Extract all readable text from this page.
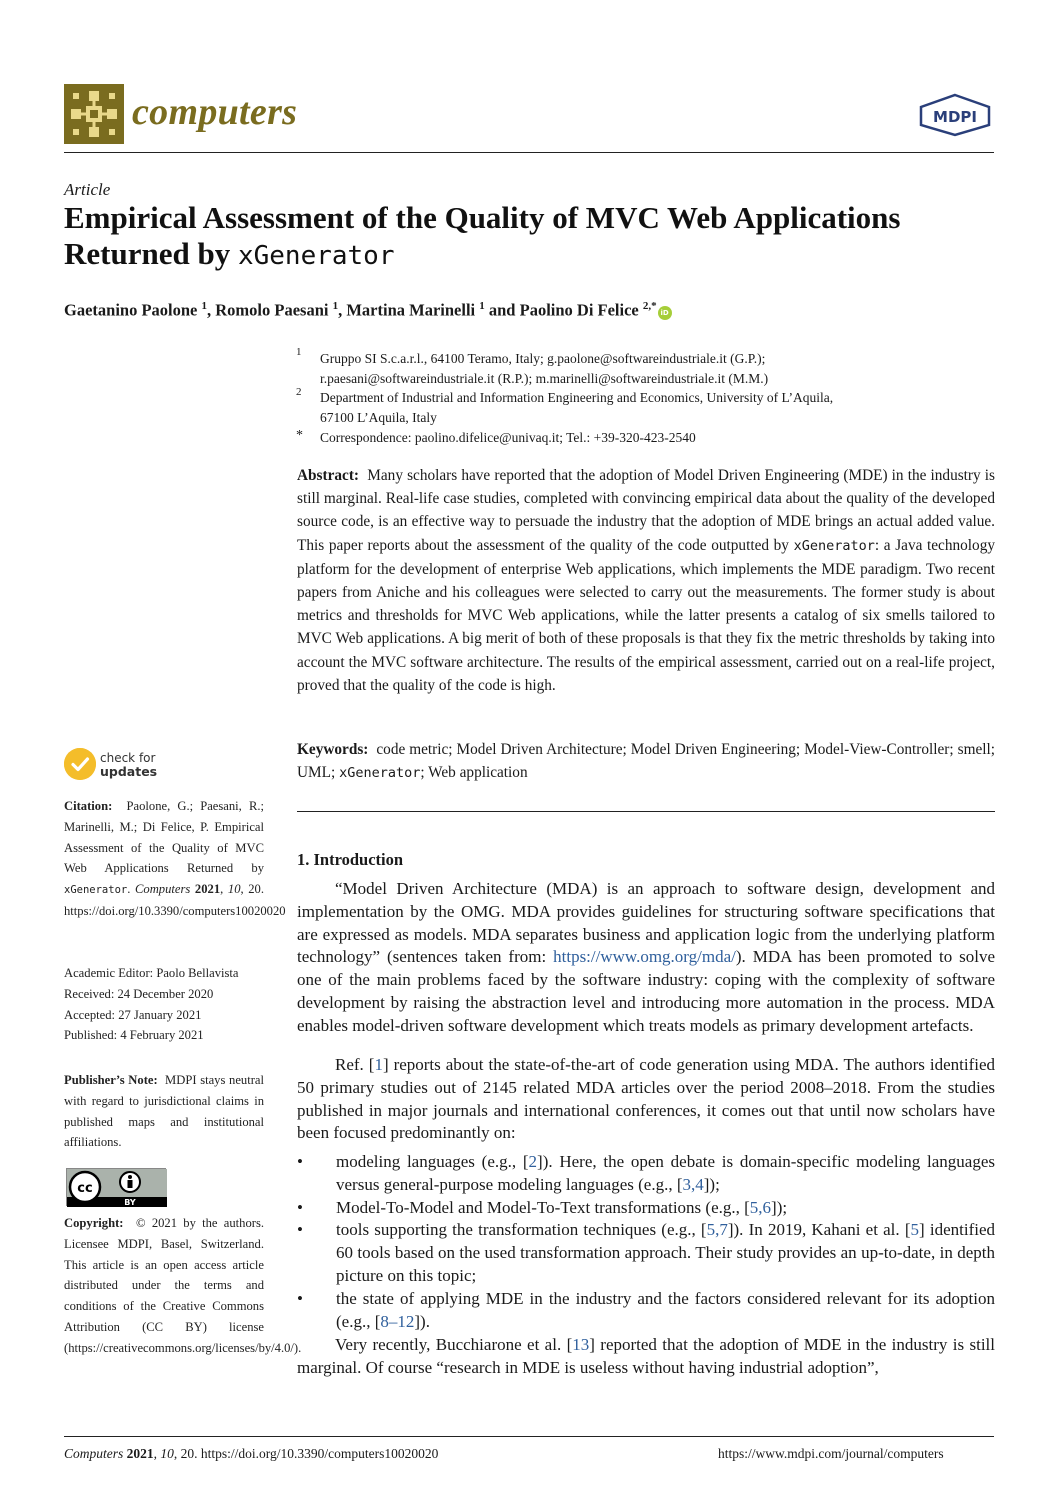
computers	MDPI
Article
Empirical Assessment of the Quality of MVC Web Applications
Returned by xGenerator
Gaetanino Paolone $^1$, Romolo Paesani $^1$, Martina Marinelli $^1$ and Paolino Di Felice $^{2,*}$iD
1 Gruppo SI S.c.a.r.l., 64100 Teramo, Italy; g.paolone@softwareindustriale.it (G.P.);
r.paesani@softwareindustriale.it (R.P.); m.marinelli@softwareindustriale.it (M.M.)
2 Department of Industrial and Information Engineering and Economics, University of L’Aquila,
67100 L’Aquila, Italy
* Correspondence: paolino.difelice@univaq.it; Tel.: +39-320-423-2540
Abstract: Many scholars have reported that the adoption of Model Driven Engineering (MDE) in the industry is still marginal. Real-life case studies, completed with convincing empirical data about the quality of the developed source code, is an effective way to persuade the industry that the adoption of MDE brings an actual added value. This paper reports about the assessment of the quality of the code outputted by xGenerator: a Java technology platform for the development of enterprise Web applications, which implements the MDE paradigm. Two recent papers from Aniche and his colleagues were selected to carry out the measurements. The former study is about metrics and thresholds for MVC Web applications, while the latter presents a catalog of six smells tailored to MVC Web applications. A big merit of both of these proposals is that they fix the metric thresholds by taking into account the MVC software architecture. The results of the empirical assessment, carried out on a real-life project, proved that the quality of the code is high.
Keywords: code metric; Model Driven Architecture; Model Driven Engineering; Model-View-Controller; smell; UML; xGenerator; Web application
1. Introduction
“Model Driven Architecture (MDA) is an approach to software design, development and implementation by the OMG. MDA provides guidelines for structuring software specifications that are expressed as models. MDA separates business and application logic from the underlying platform technology” (sentences taken from: https://www.omg.org/mda/). MDA has been promoted to solve one of the main problems faced by the software industry: coping with the complexity of software development by raising the abstraction level and introducing more automation in the process. MDA enables model-driven software development which treats models as primary development artefacts.
Ref. [1] reports about the state-of-the-art of code generation using MDA. The authors identified 50 primary studies out of 2145 related MDA articles over the period 2008–2018. From the studies published in major journals and international conferences, it comes out that until now scholars have been focused predominantly on:
• modeling languages (e.g., [2]). Here, the open debate is domain-specific modeling languages versus general-purpose modeling languages (e.g., [3,4]);
• Model-To-Model and Model-To-Text transformations (e.g., [5,6]);
• tools supporting the transformation techniques (e.g., [5,7]). In 2019, Kahani et al. [5] identified 60 tools based on the used transformation approach. Their study provides an up-to-date, in depth picture on this topic;
• the state of applying MDE in the industry and the factors considered relevant for its adoption (e.g., [8–12]).
Very recently, Bucchiarone et al. [13] reported that the adoption of MDE in the industry is still marginal. Of course “research in MDE is useless without having industrial adoption”,
check for
updates
Citation: Paolone, G.; Paesani, R.; Marinelli, M.; Di Felice, P. Empirical Assessment of the Quality of MVC Web Applications Returned by xGenerator. Computers 2021, 10, 20. https://doi.org/10.3390/computers10020020
Academic Editor: Paolo Bellavista
Received: 24 December 2020
Accepted: 27 January 2021
Published: 4 February 2021
Publisher’s Note: MDPI stays neutral with regard to jurisdictional claims in published maps and institutional affiliations.
cc
BY
Copyright: © 2021 by the authors. Licensee MDPI, Basel, Switzerland. This article is an open access article distributed under the terms and conditions of the Creative Commons Attribution (CC BY) license (https://creativecommons.org/licenses/by/4.0/).
Computers 2021, 10, 20. https://doi.org/10.3390/computers10020020	https://www.mdpi.com/journal/computers
